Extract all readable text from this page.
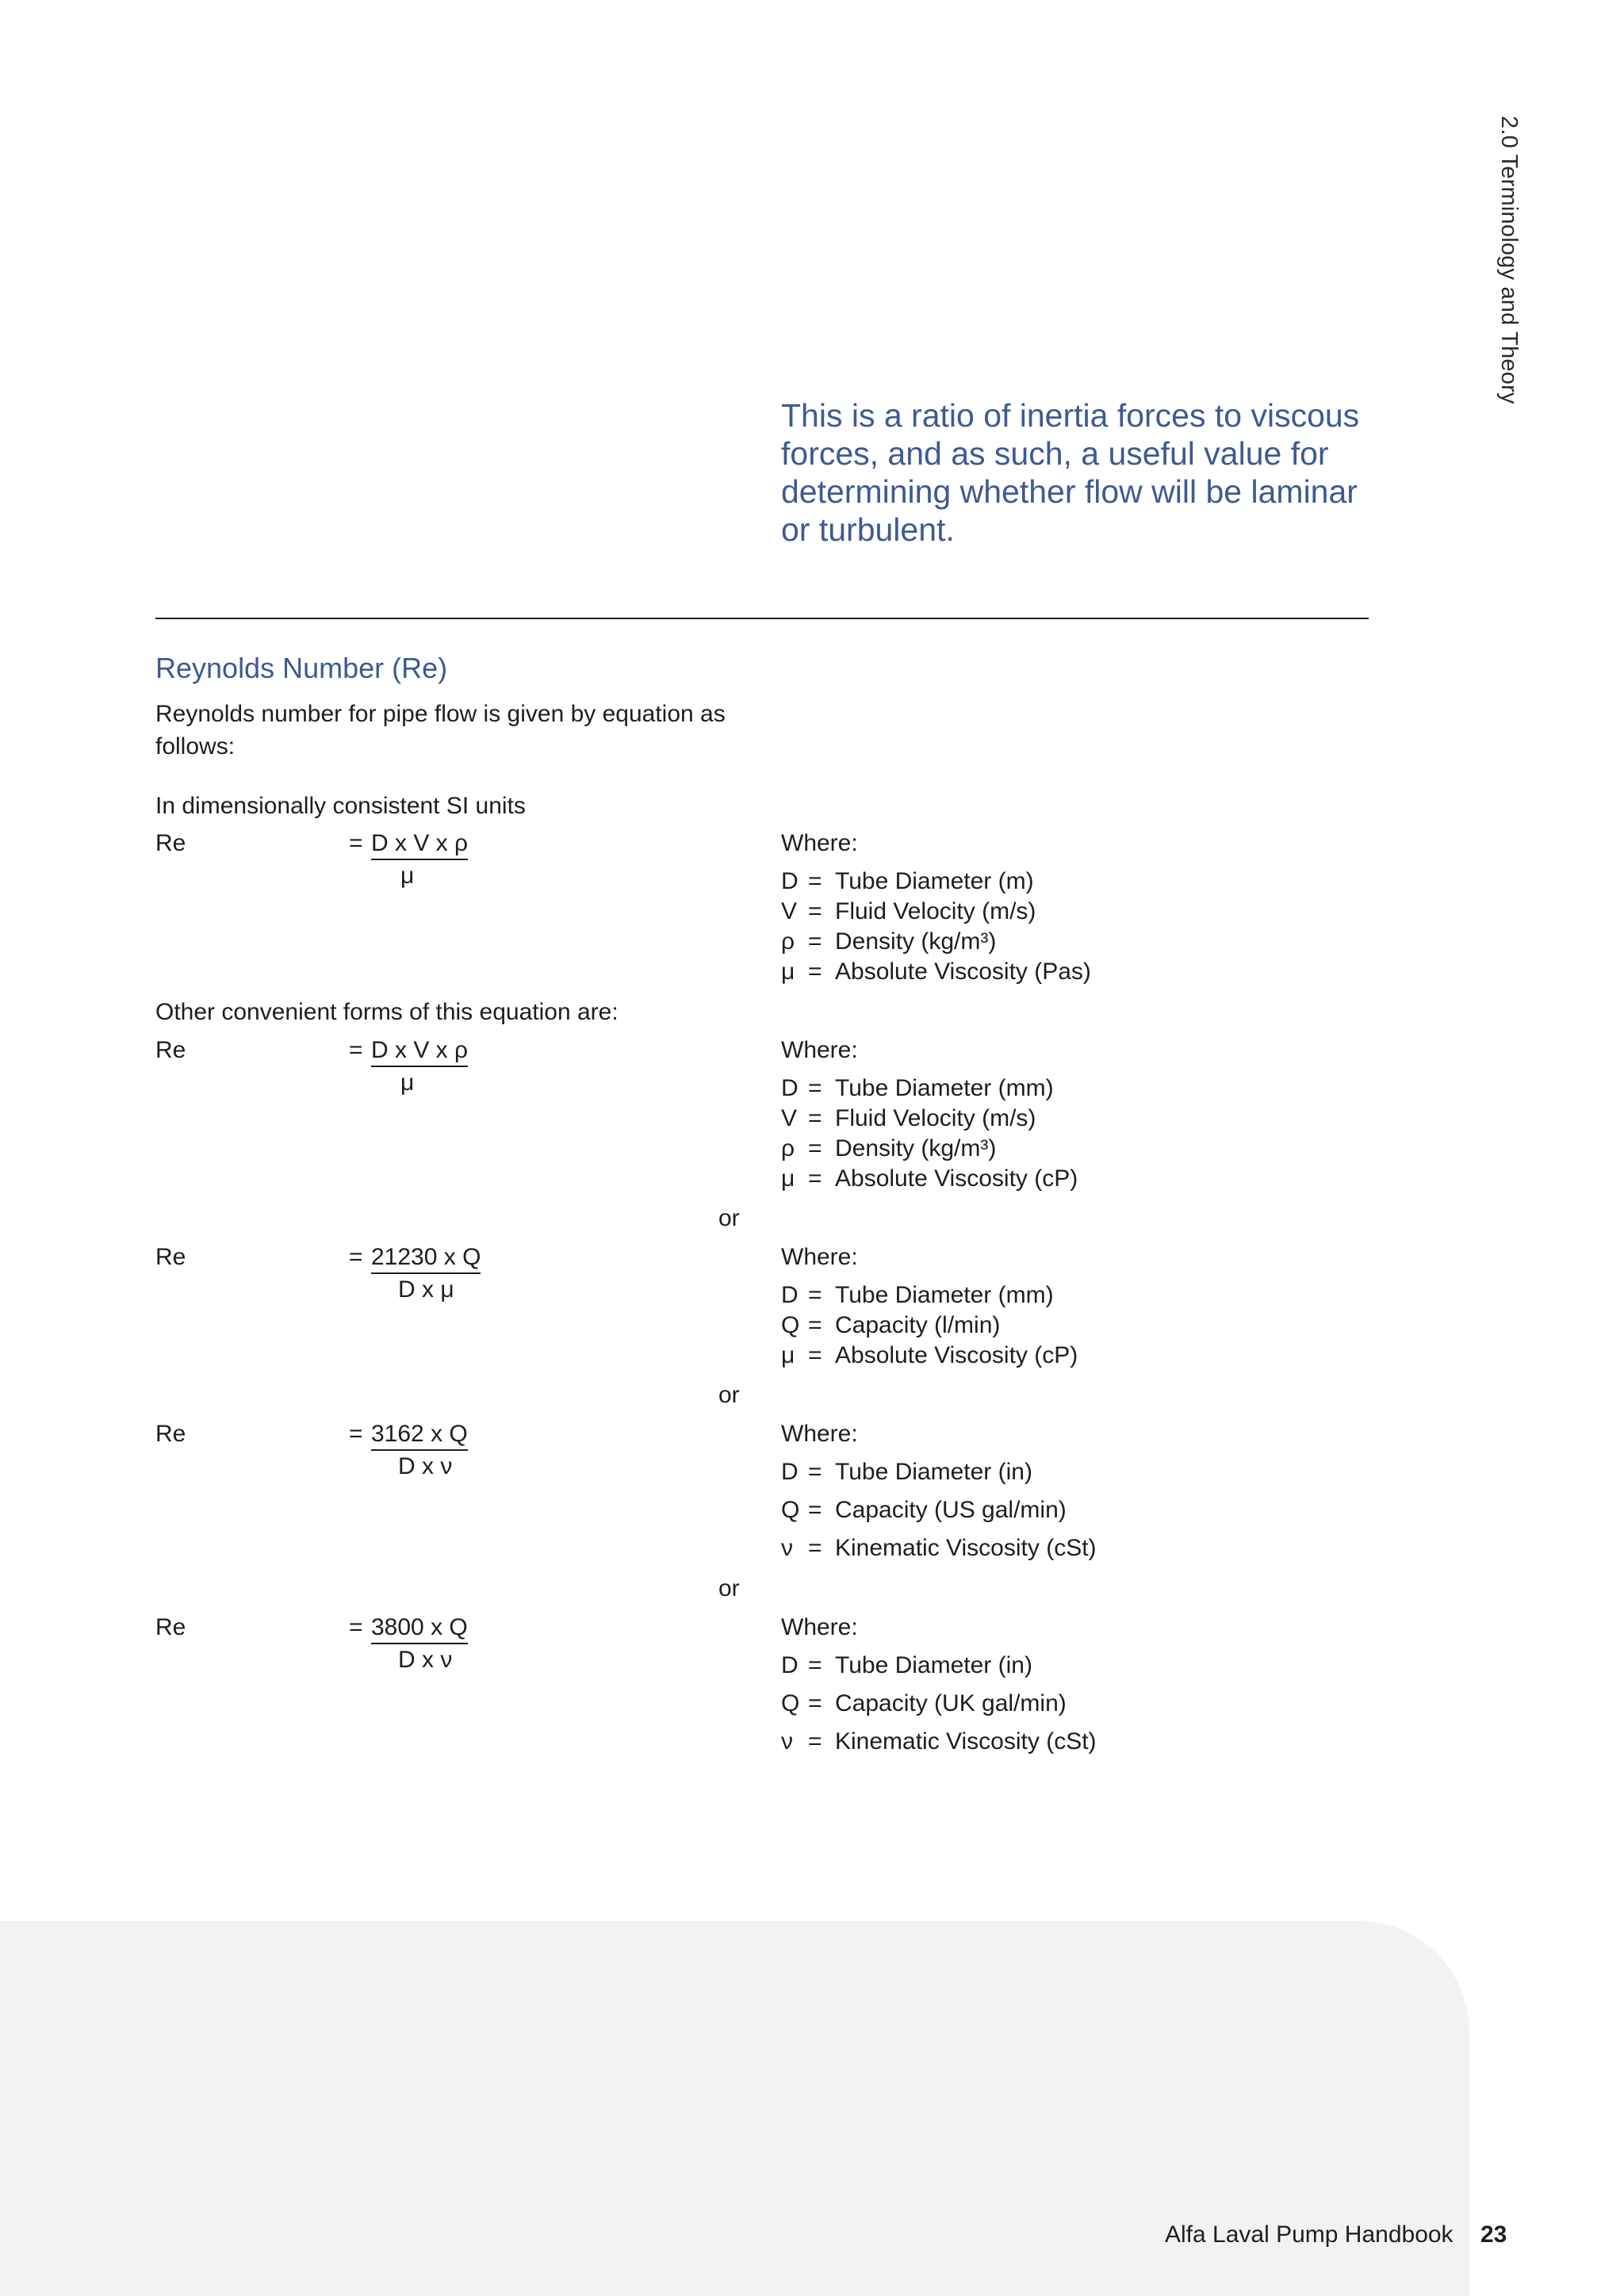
2.0 Terminology and Theory
This is a ratio of inertia forces to viscous forces, and as such, a useful value for determining whether flow will be laminar or turbulent.
Reynolds Number (Re)
Reynolds number for pipe flow is given by equation as follows:
In dimensionally consistent SI units
Other convenient forms of this equation are:
Re	= D x V x ρ
μ
Where:
D = Tube Diameter (m)
V = Fluid Velocity (m/s)
ρ = Density (kg/m³)
μ = Absolute Viscosity (Pas)
Re	= D x V x ρ
μ
Where:
D = Tube Diameter (mm)
V = Fluid Velocity (m/s)
ρ = Density (kg/m³)
μ = Absolute Viscosity (cP)
or
Re	= 21230 x Q
D x μ
Where:
D = Tube Diameter (mm)
Q = Capacity (l/min)
μ = Absolute Viscosity (cP)
or
Re	= 3162 x Q
D x ν
Where:
D = Tube Diameter (in)
Q = Capacity (US gal/min)
ν = Kinematic Viscosity (cSt)
or
Re	= 3800 x Q
D x ν
Where:
D = Tube Diameter (in)
Q = Capacity (UK gal/min)
ν = Kinematic Viscosity (cSt)
Alfa Laval Pump Handbook 23
